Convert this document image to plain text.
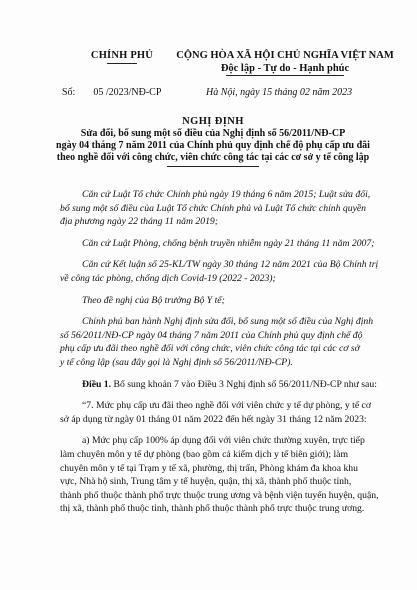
CHÍNH PHỦ	CỘNG HÒA XÃ HỘI CHỦ NGHĨA VIỆT NAM
Độc lập - Tự do - Hạnh phúc
Số: 05 /2023/NĐ-CP	Hà Nội, ngày 15 tháng 02 năm 2023
NGHỊ ĐỊNH
Sửa đổi, bổ sung một số điều của Nghị định số 56/2011/NĐ-CP
ngày 04 tháng 7 năm 2011 của Chính phủ quy định chế độ phụ cấp ưu đãi
theo nghề đối với công chức, viên chức công tác tại các cơ sở y tế công lập

Căn cứ Luật Tổ chức Chính phủ ngày 19 tháng 6 năm 2015; Luật sửa đổi,
bổ sung một số điều của Luật Tổ chức Chính phủ và Luật Tổ chức chính quyền
địa phương ngày 22 tháng 11 năm 2019;

Căn cứ Luật Phòng, chống bệnh truyền nhiễm ngày 21 tháng 11 năm 2007;

Căn cứ Kết luận số 25-KL/TW ngày 30 tháng 12 năm 2021 của Bộ Chính trị
về công tác phòng, chống dịch Covid-19 (2022 - 2023);

Theo đề nghị của Bộ trưởng Bộ Y tế;

Chính phủ ban hành Nghị định sửa đổi, bổ sung một số điều của Nghị định
số 56/2011/NĐ-CP ngày 04 tháng 7 năm 2011 của Chính phủ quy định chế độ
phụ cấp ưu đãi theo nghề đối với công chức, viên chức công tác tại các cơ sở
y tế công lập (sau đây gọi là Nghị định số 56/2011/NĐ-CP).

Điều 1. Bổ sung khoản 7 vào Điều 3 Nghị định số 56/2011/NĐ-CP như sau:

“7. Mức phụ cấp ưu đãi theo nghề đối với viên chức y tế dự phòng, y tế cơ
sở áp dụng từ ngày 01 tháng 01 năm 2022 đến hết ngày 31 tháng 12 năm 2023:

a) Mức phụ cấp 100% áp dụng đối với viên chức thường xuyên, trực tiếp
làm chuyên môn y tế dự phòng (bao gồm cả kiểm dịch y tế biên giới); làm
chuyên môn y tế tại Trạm y tế xã, phường, thị trấn, Phòng khám đa khoa khu
vực, Nhà hộ sinh, Trung tâm y tế huyện, quận, thị xã, thành phố thuộc tỉnh,
thành phố thuộc thành phố trực thuộc trung ương và bệnh viện tuyến huyện, quận,
thị xã, thành phố thuộc tỉnh, thành phố thuộc thành phố trực thuộc trung ương.
